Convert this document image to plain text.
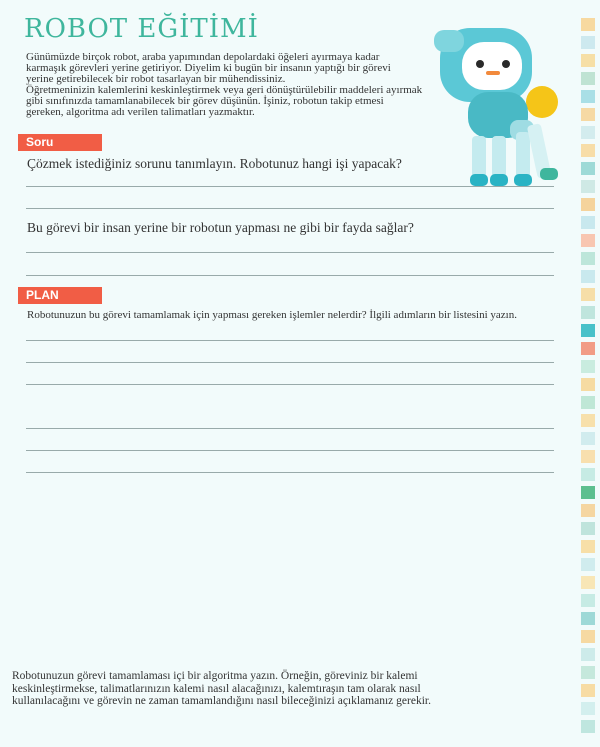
ROBOT EĞİTİMİ

Günümüzde birçok robot, araba yapımından depolardaki öğeleri ayırmaya kadar

karmaşık görevleri yerine getiriyor. Diyelim ki bugün bir insanın yaptığı bir görevi

yerine getirebilecek bir robot tasarlayan bir mühendissiniz.

Öğretmeninizin kalemlerini keskinleştirmek veya geri dönüştürülebilir maddeleri ayırmak

gibi sınıfınızda tamamlanabilecek bir görev düşünün. İşiniz, robotun takip etmesi

gereken, algoritma adı verilen talimatları yazmaktır.

Soru
Çözmek istediğiniz sorunu tanımlayın. Robotunuz hangi işi yapacak?
Bu görevi bir insan yerine bir robotun yapması ne gibi bir fayda sağlar?
PLAN
Robotunuzun bu görevi tamamlamak için yapması gereken işlemler nelerdir? İlgili adımların bir listesini yazın.

Robotunuzun görevi tamamlaması içi bir algoritma yazın. Örneğin, göreviniz bir kalemi

keskinleştirmekse, talimatlarınızın kalemi nasıl alacağınızı, kalemtıraşın tam olarak nasıl

kullanılacağını ve görevin ne zaman tamamlandığını nasıl bileceğinizi açıklamanız gerekir.
